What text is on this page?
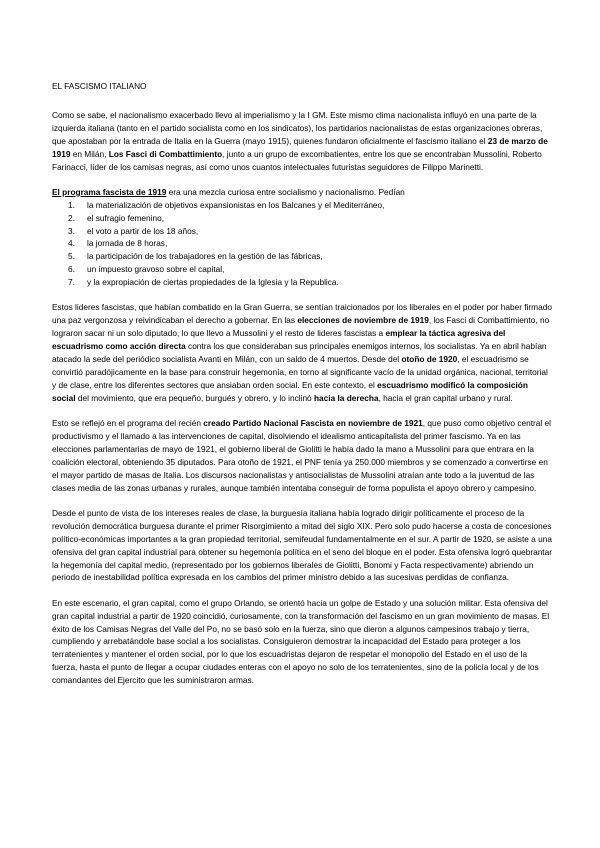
EL FASCISMO ITALIANO

Como se sabe, el nacionalismo exacerbado llevo al imperialismo y la I GM. Este mismo clima nacionalista influyó en una parte de la izquierda italiana (tanto en el partido socialista como en los sindicatos), los partidarios nacionalistas de estas organizaciones obreras, que apostaban por la entrada de Italia en la Guerra (mayo 1915), quienes fundaron oficialmente el fascismo italiano el 23 de marzo de 1919 en Milán, Los Fasci di Combattimiento, junto a un grupo de excombatientes, entre los que se encontraban Mussolini, Roberto Farinacci, líder de los camisas negras, así como unos cuantos intelectuales futuristas seguidores de Filippo Marinetti.

El programa fascista de 1919 era una mezcla curiosa entre socialismo y nacionalismo. Pedían

1. la materialización de objetivos expansionistas en los Balcanes y el Mediterráneo,
2. el sufragio femenino,
3. el voto a partir de los 18 años,
4. la jornada de 8 horas,
5. la participación de los trabajadores en la gestión de las fábricas,
6. un impuesto gravoso sobre el capital,
7. y la expropiación de ciertas propiedades de la Iglesia y la Republica.

Estos lideres fascistas, que habían combatido en la Gran Guerra, se sentían traicionados por los liberales en el poder por haber firmado una paz vergonzosa y reivindicaban el derecho a gobernar. En las elecciones de noviembre de 1919, los Fasci di Combattimiento, no lograron sacar ni un solo diputado, lo que llevo a Mussolini y el resto de lideres fascistas a emplear la táctica agresiva del escuadrismo como acción directa contra los que consideraban sus principales enemigos internos, los socialistas. Ya en abril habían atacado la sede del periódico socialista Avanti en Milán, con un saldo de 4 muertos. Desde del otoño de 1920, el escuadrismo se convirtió paradójicamente en la base para construir hegemonía, en torno al significante vacío de la unidad orgánica, nacional, territorial y de clase, entre los diferentes sectores que ansiaban orden social. En este contexto, el escuadrismo modificó la composición social del movimiento, que era pequeño, burgués y obrero, y lo inclinó hacia la derecha, hacia el gran capital urbano y rural.

Esto se reflejó en el programa del recién creado Partido Nacional Fascista en noviembre de 1921, que puso como objetivo central el productivismo y el llamado a las intervenciones de capital, disolviendo el idealismo anticapitalista del primer fascismo. Ya en las elecciones parlamentarias de mayo de 1921, el gobierno liberal de Giolitti le había dado la mano a Mussolini para que entrara en la coalición electoral, obteniendo 35 diputados. Para otoño de 1921, el PNF tenía ya 250.000 miembros y se comenzado a convertirse en el mayor partido de masas de Italia. Los discursos nacionalistas y antisocialistas de Mussolini atraían ante todo a la juventud de las clases media de las zonas urbanas y rurales, aunque también intentaba conseguir de forma populista el apoyo obrero y campesino.

Desde el punto de vista de los intereses reales de clase, la burguesía italiana había logrado dirigir políticamente el proceso de la revolución democrática burguesa durante el primer Risorgimiento a mitad del siglo XIX. Pero solo pudo hacerse a costa de concesiones político-económicas importantes a la gran propiedad territorial, semifeudal fundamentalmente en el sur. A partir de 1920, se asiste a una ofensiva del gran capital industrial para obtener su hegemonía política en el seno del bloque en el poder. Esta ofensiva logró quebrantar la hegemonía del capital medio, (representado por los gobiernos liberales de Giolitti, Bonomi y Facta respectivamente) abriendo un periodo de inestabilidad política expresada en los cambios del primer ministro debido a las sucesivas perdidas de confianza.

En este escenario, el gran capital, como el grupo Orlando, se orientó hacia un golpe de Estado y una solución militar. Esta ofensiva del gran capital industrial a partir de 1920 coincidió, curiosamente, con la transformación del fascismo en un gran movimiento de masas. El éxito de los Camisas Negras del Valle del Po, no se basó solo en la fuerza, sino que dieron a algunos campesinos trabajo y tierra, cumpliendo y arrebatándole base social a los socialistas. Consiguieron demostrar la incapacidad del Estado para proteger a los terratenientes y mantener el orden social, por lo que los escuadristas dejaron de respetar el monopolio del Estado en el uso de la fuerza, hasta el punto de llegar a ocupar ciudades enteras con el apoyo no solo de los terratenientes, sino de la policía local y de los comandantes del Ejercito que les suministraron armas.
